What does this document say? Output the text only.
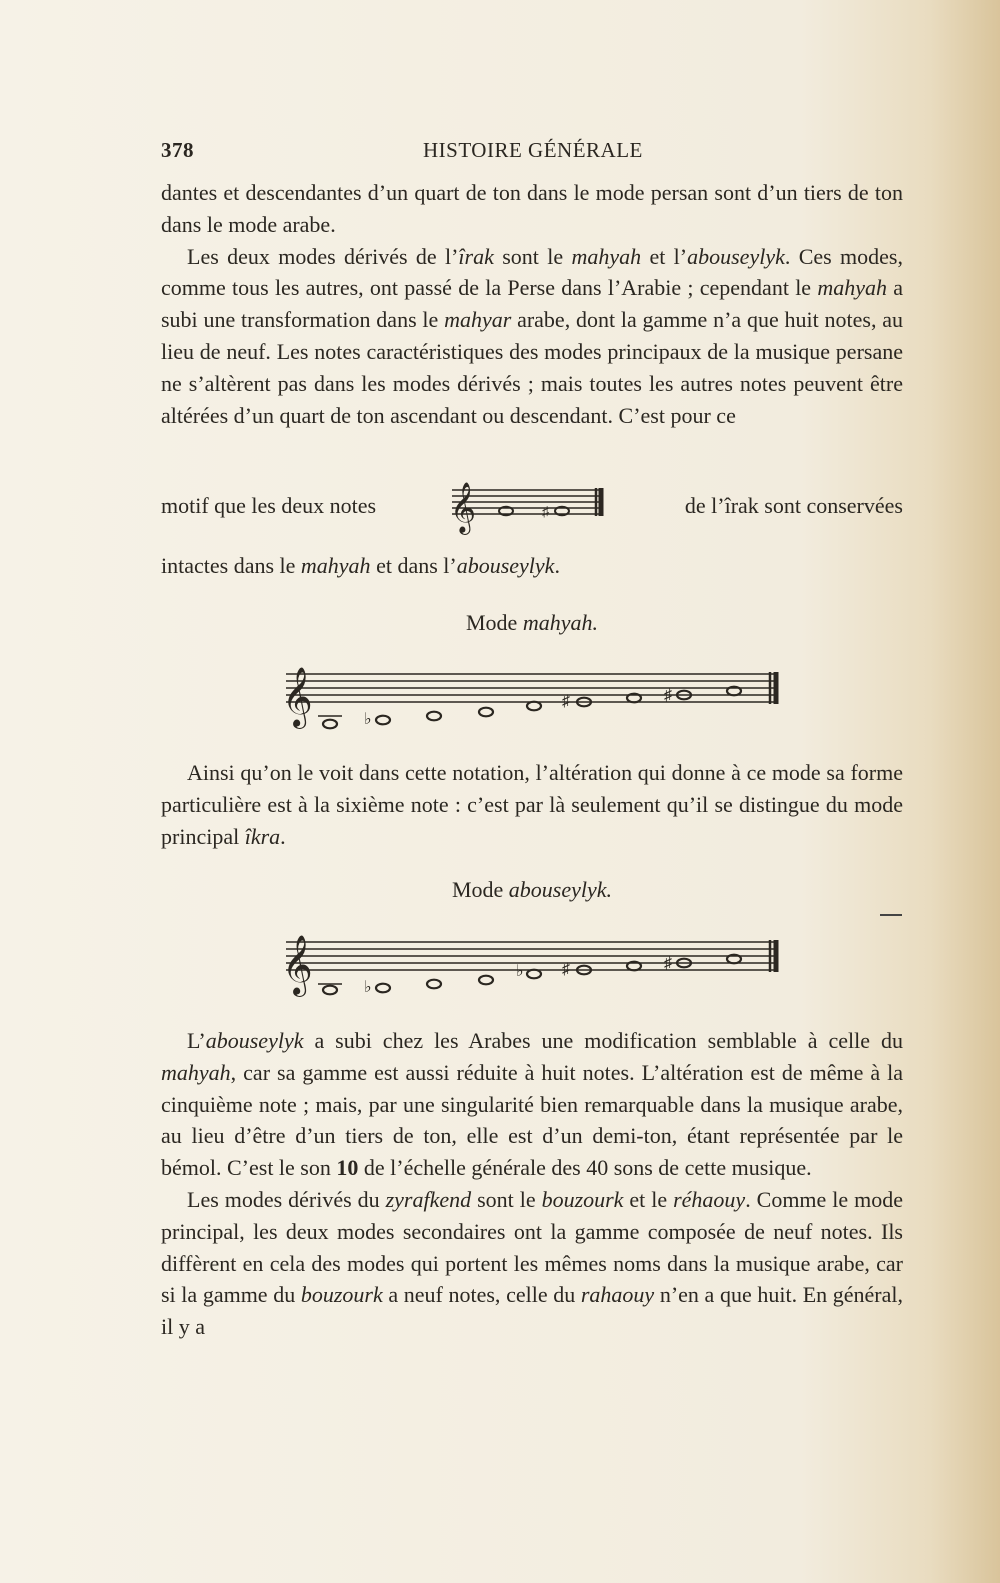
378	HISTOIRE GÉNÉRALE

dantes et descendantes d’un quart de ton dans le mode persan sont d’un tiers de ton dans le mode arabe.

Les deux modes dérivés de l’îrak sont le mahyah et l’abouseylyk. Ces modes, comme tous les autres, ont passé de la Perse dans l’Arabie ; cependant le mahyah a subi une transformation dans le mahyar arabe, dont la gamme n’a que huit notes, au lieu de neuf. Les notes caractéristiques des modes principaux de la musique persane ne s’altèrent pas dans les modes dérivés ; mais toutes les autres notes peuvent être altérées d’un quart de ton ascendant ou descendant. C’est pour ce

motif que les deux notes 𝄞	♯	de l’îrak sont conservées

intactes dans le mahyah et dans l’abouseylyk.

Mode mahyah.
𝄞	♭
♯	♯

Ainsi qu’on le voit dans cette notation, l’altération qui donne à ce mode sa forme particulière est à la sixième note : c’est par là seulement qu’il se distingue du mode principal îkra.

Mode abouseylyk.
𝄞	♭
♭ ♯	♯

L’abouseylyk a subi chez les Arabes une modification semblable à celle du mahyah, car sa gamme est aussi réduite à huit notes. L’altération est de même à la cinquième note ; mais, par une singularité bien remarquable dans la musique arabe, au lieu d’être d’un tiers de ton, elle est d’un demi-ton, étant représentée par le bémol. C’est le son 10 de l’échelle générale des 40 sons de cette musique.

Les modes dérivés du zyrafkend sont le bouzourk et le réhaouy. Comme le mode principal, les deux modes secondaires ont la gamme composée de neuf notes. Ils diffèrent en cela des modes qui portent les mêmes noms dans la musique arabe, car si la gamme du bouzourk a neuf notes, celle du rahaouy n’en a que huit. En général, il y a
